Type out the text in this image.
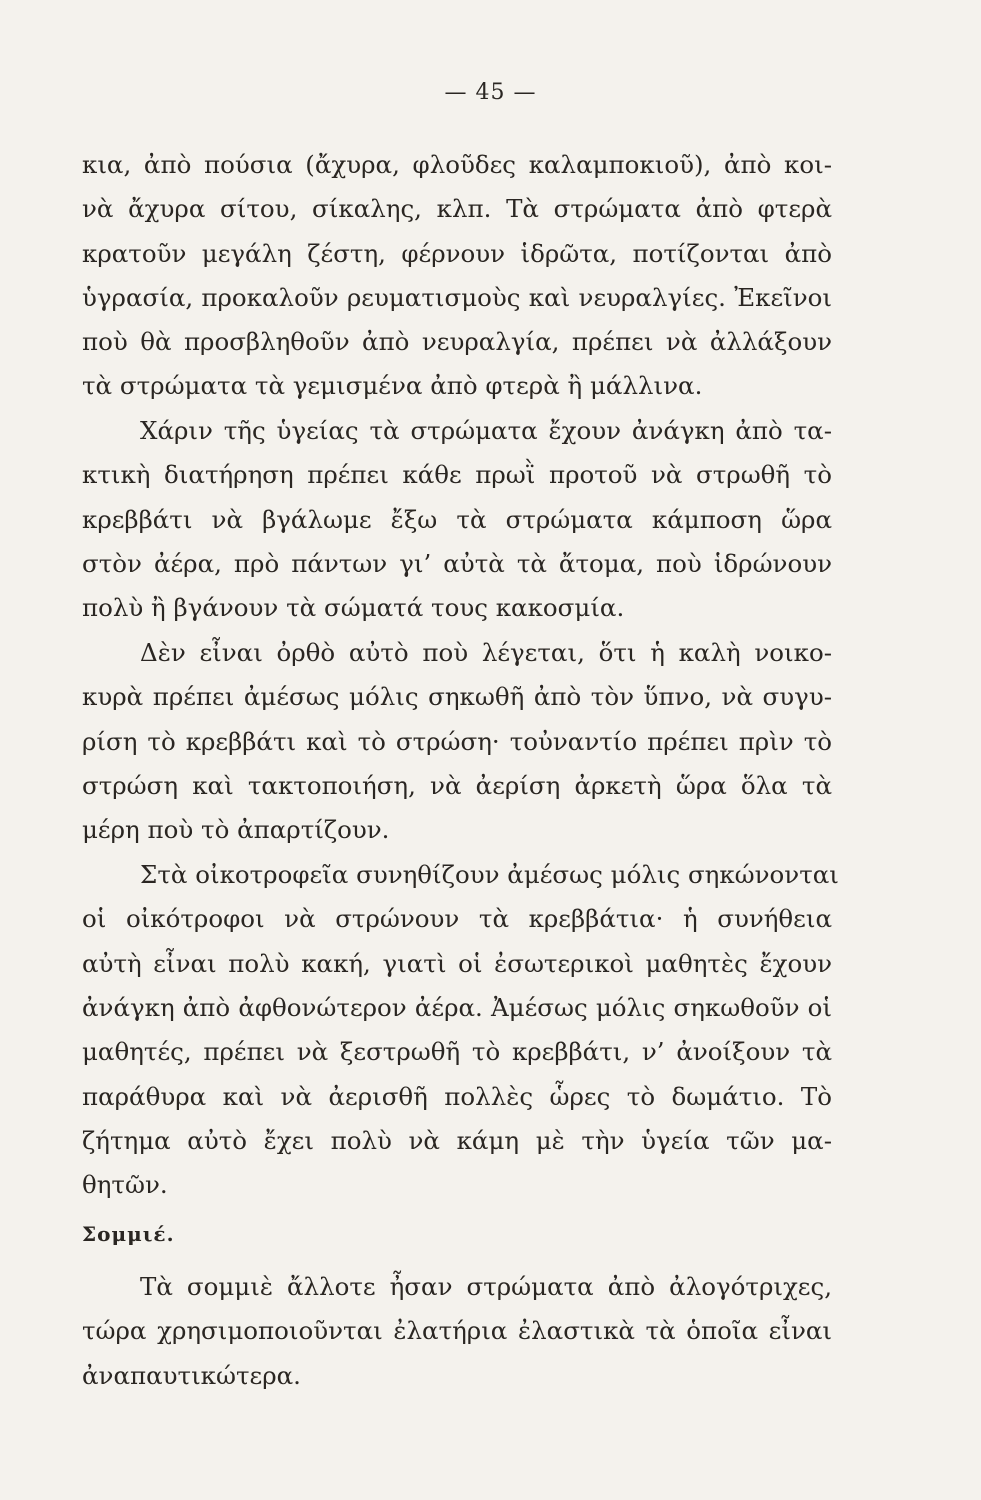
— 45 —
κια, ἀπὸ πούσια (ἄχυρα, φλοῦδες καλαμποκιοῦ), ἀπὸ κοι-
νὰ ἄχυρα σίτου, σίκαλης, κλπ. Τὰ στρώματα ἀπὸ φτερὰ
κρατοῦν μεγάλη ζέστη, φέρνουν ἱδρῶτα, ποτίζονται ἀπὸ
ὑγρασία, προκαλοῦν ρευματισμοὺς καὶ νευραλγίες. Ἐκεῖνοι
ποὺ θὰ προσβληθοῦν ἀπὸ νευραλγία, πρέπει νὰ ἀλλάξουν
τὰ στρώματα τὰ γεμισμένα ἀπὸ φτερὰ ἢ μάλλινα.
Χάριν τῆς ὑγείας τὰ στρώματα ἔχουν ἀνάγκη ἀπὸ τα-
κτικὴ διατήρηση πρέπει κάθε πρωῒ προτοῦ νὰ στρωθῆ τὸ
κρεββάτι νὰ βγάλωμε ἔξω τὰ στρώματα κάμποση ὥρα
στὸν ἀέρα, πρὸ πάντων γι’ αὐτὰ τὰ ἄτομα, ποὺ ἱδρώνουν
πολὺ ἢ βγάνουν τὰ σώματά τους κακοσμία.
Δὲν εἶναι ὀρθὸ αὐτὸ ποὺ λέγεται, ὅτι ἡ καλὴ νοικο-
κυρὰ πρέπει ἀμέσως μόλις σηκωθῆ ἀπὸ τὸν ὕπνο, νὰ συγυ-
ρίση τὸ κρεββάτι καὶ τὸ στρώση· τοὐναντίο πρέπει πρὶν τὸ
στρώση καὶ τακτοποιήση, νὰ ἀερίση ἀρκετὴ ὥρα ὅλα τὰ
μέρη ποὺ τὸ ἀπαρτίζουν.
Στὰ οἰκοτροφεῖα συνηθίζουν ἀμέσως μόλις σηκώνονται
οἱ οἰκότροφοι νὰ στρώνουν τὰ κρεββάτια· ἡ συνήθεια
αὐτὴ εἶναι πολὺ κακή, γιατὶ οἱ ἐσωτερικοὶ μαθητὲς ἔχουν
ἀνάγκη ἀπὸ ἀφθονώτερον ἀέρα. Ἀμέσως μόλις σηκωθοῦν οἱ
μαθητές, πρέπει νὰ ξεστρωθῆ τὸ κρεββάτι, ν’ ἀνοίξουν τὰ
παράθυρα καὶ νὰ ἀερισθῆ πολλὲς ὧρες τὸ δωμάτιο. Τὸ
ζήτημα αὐτὸ ἔχει πολὺ νὰ κάμη μὲ τὴν ὑγεία τῶν μα-
θητῶν.
Σομμιέ.
Τὰ σομμιὲ ἄλλοτε ἦσαν στρώματα ἀπὸ ἀλογότριχες,
τώρα χρησιμοποιοῦνται ἐλατήρια ἐλαστικὰ τὰ ὁποῖα εἶναι
ἀναπαυτικώτερα.
